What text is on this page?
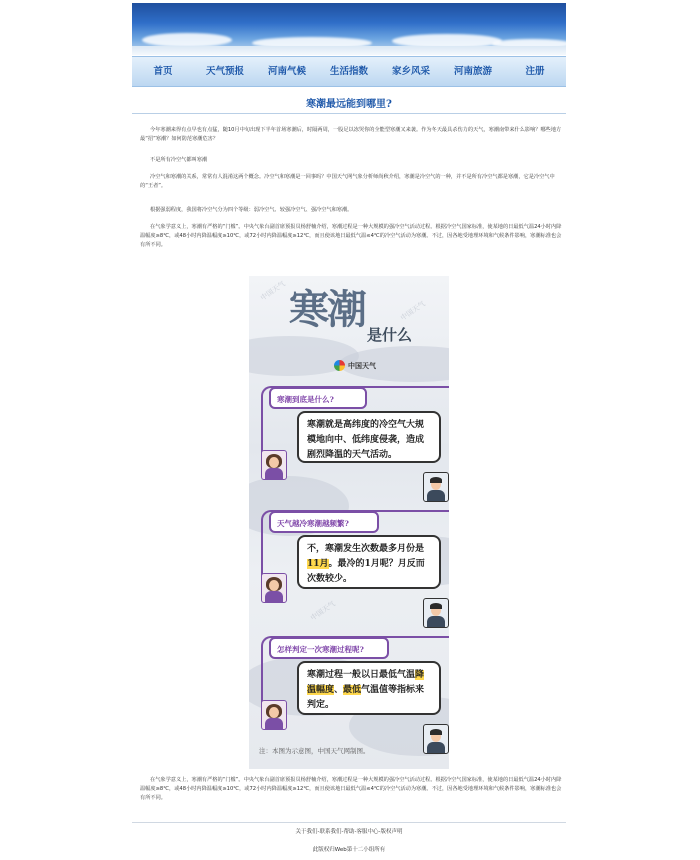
首页	天气预报	河南气候	生活指数	家乡风采	河南旅游	注册
寒潮最远能到哪里?
今年寒潮来得有点早也有点猛，随10月中旬出现下半年首场寒潮后，时隔两周，一股足以冻哭你的全能型寒潮又来袭。作为冬天最具杀伤力的天气，寒潮南带来什么影响？哪些地方最“招”寒潮？如何防范寒潮危害？
不是所有冷空气都叫寒潮
冷空气和寒潮的关系，常常有人混淆这两个概念。冷空气和寒潮是一回事吗？中国天气网气象分析师尚秋介绍，寒潮是冷空气的一种，并不是所有冷空气都是寒潮，它是冷空气中的“王者”。
根据强弱程度，我国将冷空气分为四个等级：弱冷空气、较强冷空气、强冷空气和寒潮。
在气象学意义上，寒潮有严格的“门槛”。中央气象台副首席预报员杨舒楠介绍，寒潮过程是一种大规模的强冷空气活动过程。根据冷空气国家标准，使某地的日最低气温24小时内降温幅度≥8℃，或48小时内降温幅度≥10℃，或72小时内降温幅度≥12℃，而且使该地日最低气温≤4℃的冷空气活动为寒潮。不过，因各地受地理环境和气候条件影响，寒潮标准也会有所不同。
中国天气
中国天气
中国天气
寒潮
是什么
中国天气
寒潮到底是什么?
寒潮就是高纬度的冷空气大规模地向中、低纬度侵袭，造成剧烈降温的天气活动。
天气越冷寒潮越频繁?
不，寒潮发生次数最多月份是11月。最冷的1月呢？月反而次数较少。
怎样判定一次寒潮过程呢?
寒潮过程一般以日最低气温降温幅度、最低气温值等指标来判定。
注：本图为示意图，中国天气网制图。
在气象学意义上，寒潮有严格的“门槛”。中央气象台副首席预报员杨舒楠介绍，寒潮过程是一种大规模的强冷空气活动过程。根据冷空气国家标准，使某地的日最低气温24小时内降温幅度≥8℃，或48小时内降温幅度≥10℃，或72小时内降温幅度≥12℃，而且使该地日最低气温≤4℃的冷空气活动为寒潮。不过，因各地受地理环境和气候条件影响，寒潮标准也会有所不同。
关于我们-联系我们-帮助-客服中心-版权声明
此版权归Web第十二小组所有
